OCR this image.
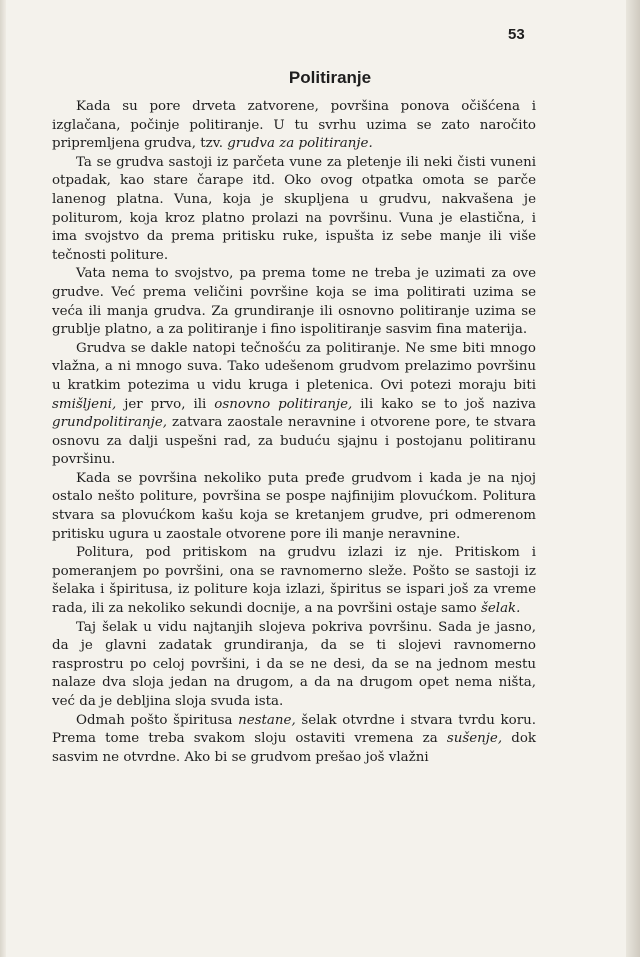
53
Politiranje

Kada su pore drveta zatvorene, površina ponova očišćena i izglačana, počinje politiranje. U tu svrhu uzima se zato naročito pripremljena grudva, tzv. grudva za politiranje.

Ta se grudva sastoji iz parčeta vune za pletenje ili neki čisti vuneni otpadak, kao stare čarape itd. Oko ovog otpatka omota se parče lanenog platna. Vuna, koja je skupljena u grudvu, nakvašena je politurom, koja kroz platno prolazi na površinu. Vuna je elastična, i ima svojstvo da prema pritisku ruke, ispušta iz sebe manje ili više tečnosti politure.

Vata nema to svojstvo, pa prema tome ne treba je uzimati za ove grudve. Već prema veličini površine koja se ima politirati uzima se veća ili manja grudva. Za grundiranje ili osnovno politiranje uzima se grublje platno, a za politiranje i fino ispolitiranje sasvim fina materija.

Grudva se dakle natopi tečnošću za politiranje. Ne sme biti mnogo vlažna, a ni mnogo suva. Tako udešenom grudvom prelazimo površinu u kratkim potezima u vidu kruga i pletenica. Ovi potezi moraju biti smišljeni, jer prvo, ili osnovno politiranje, ili kako se to još naziva grundpolitiranje, zatvara zaostale neravnine i otvorene pore, te stvara osnovu za dalji uspešni rad, za buduću sjajnu i postojanu politiranu površinu.

Kada se površina nekoliko puta pređe grudvom i kada je na njoj ostalo nešto politure, površina se pospe najfinijim plovućkom. Politura stvara sa plovućkom kašu koja se kretanjem grudve, pri odmerenom pritisku ugura u zaostale otvorene pore ili manje neravnine.

Politura, pod pritiskom na grudvu izlazi iz nje. Pritiskom i pomeranjem po površini, ona se ravnomerno sleže. Pošto se sastoji iz šelaka i špiritusa, iz politure koja izlazi, špiritus se ispari još za vreme rada, ili za nekoliko sekundi docnije, a na površini ostaje samo šelak.

Taj šelak u vidu najtanjih slojeva pokriva površinu. Sada je jasno, da je glavni zadatak grundiranja, da se ti slojevi ravnomerno rasprostru po celoj površini, i da se ne desi, da se na jednom mestu nalaze dva sloja jedan na drugom, a da na drugom opet nema ništa, već da je debljina sloja svuda ista.

Odmah pošto špiritusa nestane, šelak otvrdne i stvara tvrdu koru. Prema tome treba svakom sloju ostaviti vremena za sušenje, dok sasvim ne otvrdne. Ako bi se grudvom prešao još vlažni
